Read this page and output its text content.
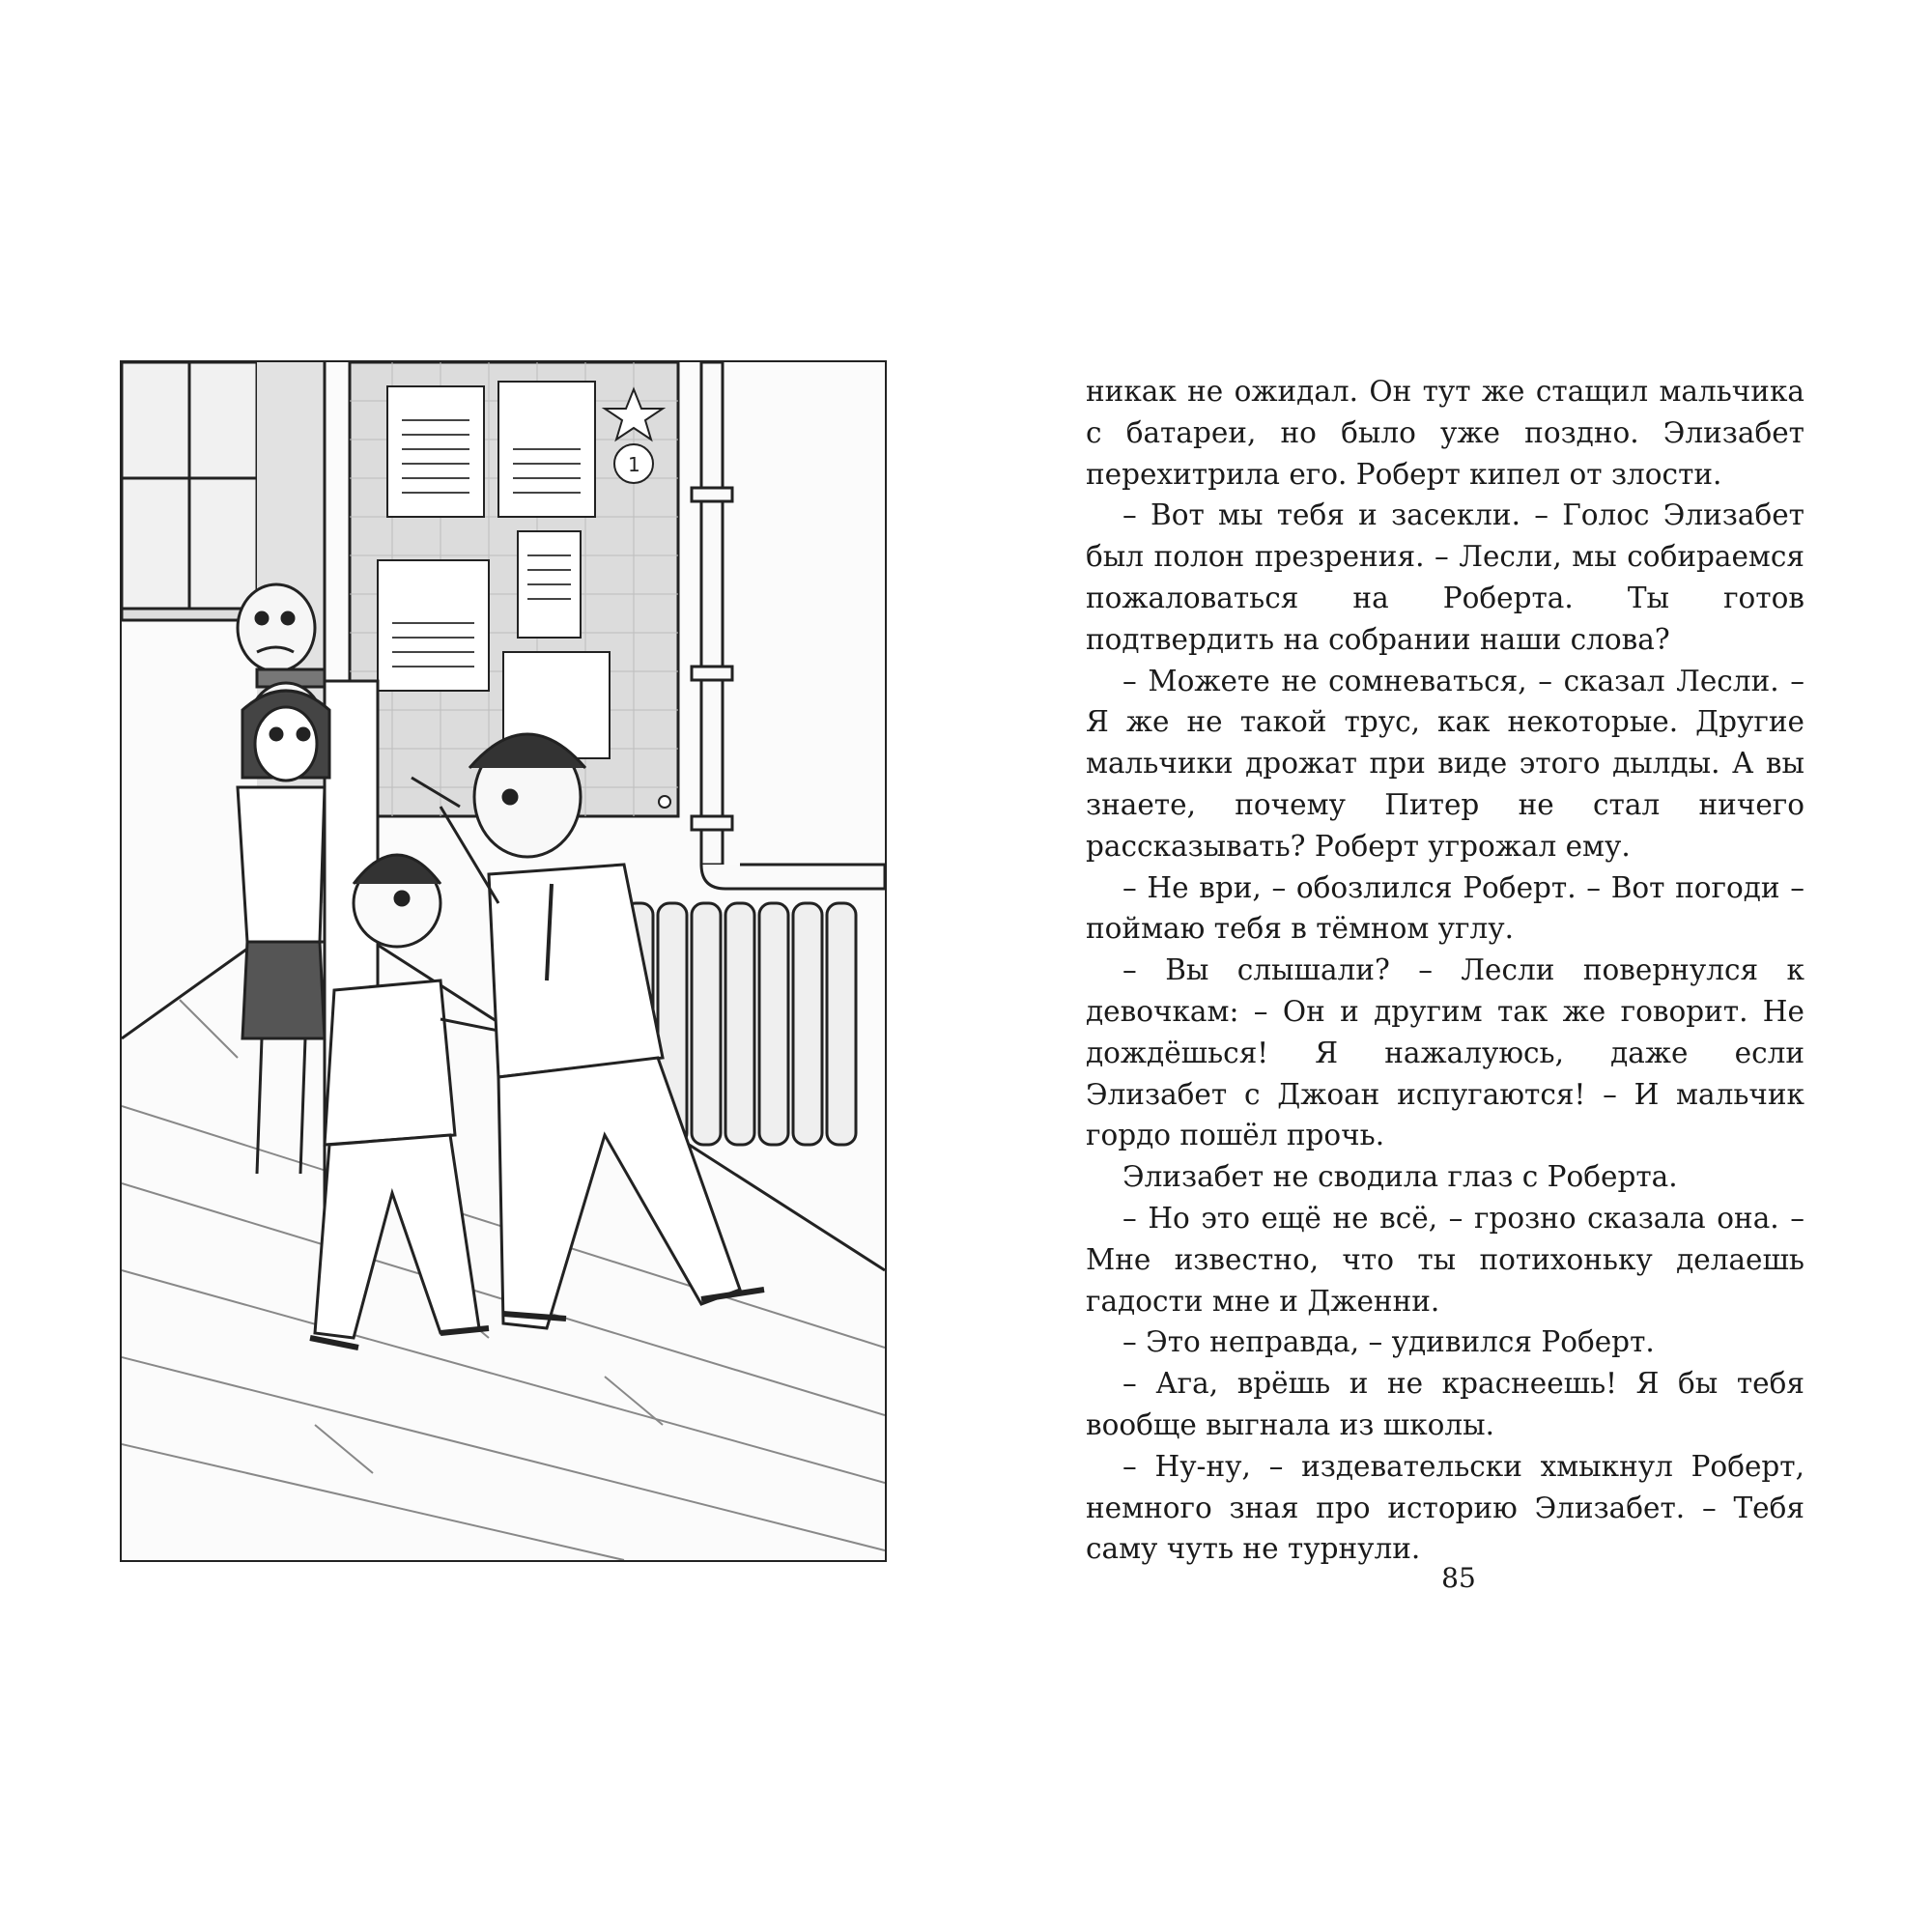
1

никак не ожидал. Он тут же стащил мальчика с батареи, но было уже поздно. Элизабет перехитрила его. Роберт кипел от злости.

– Вот мы тебя и засекли. – Голос Элизабет был полон презрения. – Лесли, мы собираемся пожаловаться на Роберта. Ты готов подтвердить на собрании наши слова?

– Можете не сомневаться, – сказал Лесли. – Я же не такой трус, как некоторые. Другие мальчики дрожат при виде этого дылды. А вы знаете, почему Питер не стал ничего рассказывать? Роберт угрожал ему.

– Не ври, – обозлился Роберт. – Вот погоди – поймаю тебя в тёмном углу.

– Вы слышали? – Лесли повернулся к девочкам: – Он и другим так же говорит. Не дождёшься! Я нажалуюсь, даже если Элизабет с Джоан испугаются! – И мальчик гордо пошёл прочь.

Элизабет не сводила глаз с Роберта.

– Но это ещё не всё, – грозно сказала она. – Мне известно, что ты потихоньку делаешь гадости мне и Дженни.

– Это неправда, – удивился Роберт.

– Ага, врёшь и не краснеешь! Я бы тебя вообще выгнала из школы.

– Ну-ну, – издевательски хмыкнул Роберт, немного зная про историю Элизабет. – Тебя саму чуть не турнули.

85
